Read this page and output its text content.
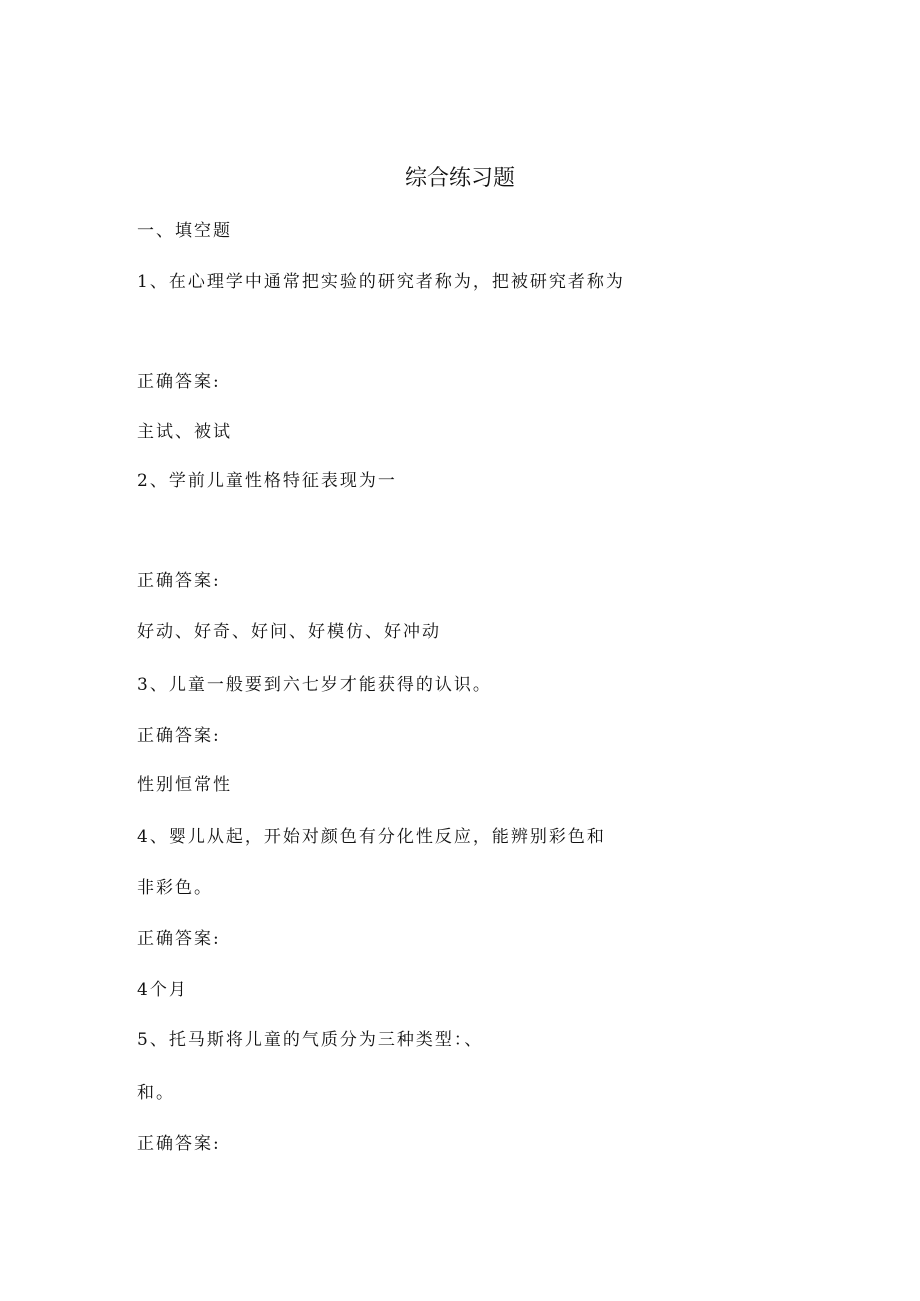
综合练习题
一、填空题
1、在心理学中通常把实验的研究者称为，把被研究者称为
正确答案:
主试、被试
2、学前儿童性格特征表现为一
正确答案:
好动、好奇、好问、好模仿、好冲动
3、儿童一般要到六七岁才能获得的认识。
正确答案:
性别恒常性
4、婴儿从起，开始对颜色有分化性反应，能辨别彩色和
非彩色。
正确答案:
4个月
5、托马斯将儿童的气质分为三种类型：、
和。
正确答案:
